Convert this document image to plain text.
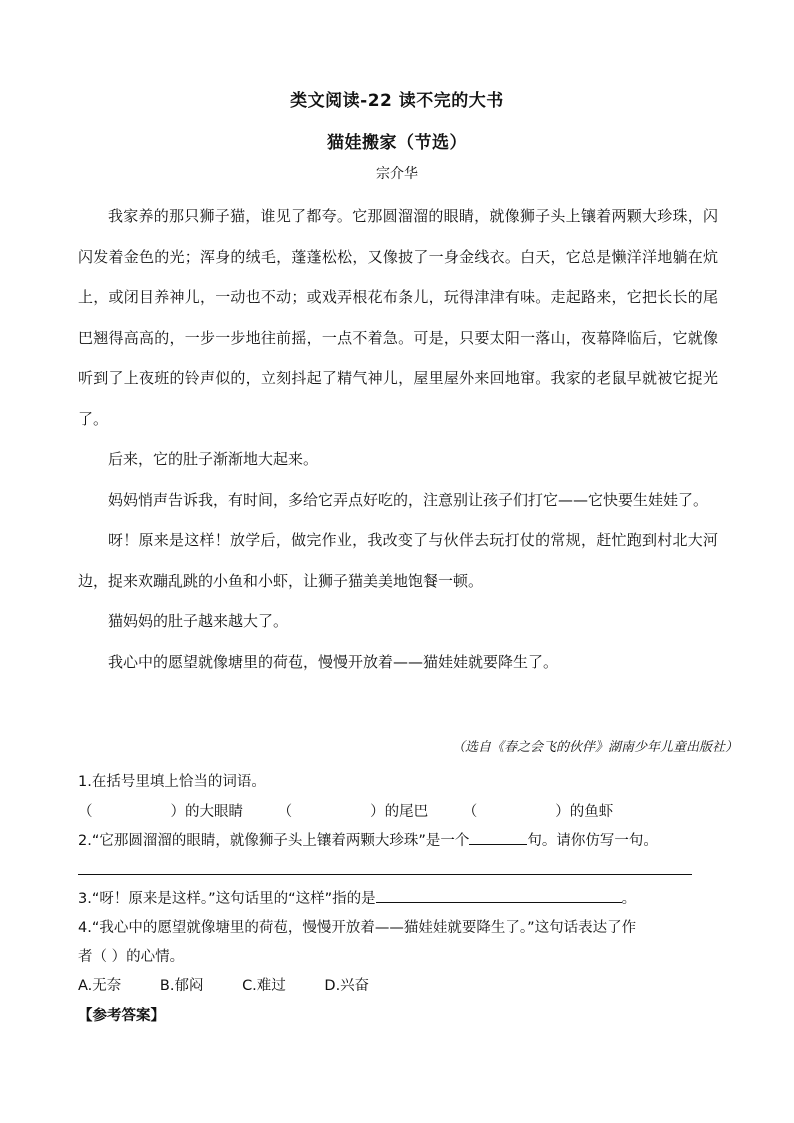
类文阅读-22 读不完的大书
猫娃搬家（节选）
宗介华

我家养的那只狮子猫，谁见了都夸。它那圆溜溜的眼睛，就像狮子头上镶着两颗大珍珠，闪闪发着金色的光；浑身的绒毛，蓬蓬松松，又像披了一身金线衣。白天，它总是懒洋洋地躺在炕上，或闭目养神儿，一动也不动；或戏弄根花布条儿，玩得津津有味。走起路来，它把长长的尾巴翘得高高的，一步一步地往前摇，一点不着急。可是，只要太阳一落山，夜幕降临后，它就像听到了上夜班的铃声似的，立刻抖起了精气神儿，屋里屋外来回地窜。我家的老鼠早就被它捉光了。

后来，它的肚子渐渐地大起来。

妈妈悄声告诉我，有时间，多给它弄点好吃的，注意别让孩子们打它——它快要生娃娃了。

呀！原来是这样！放学后，做完作业，我改变了与伙伴去玩打仗的常规，赶忙跑到村北大河边，捉来欢蹦乱跳的小鱼和小虾，让狮子猫美美地饱餐一顿。

猫妈妈的肚子越来越大了。

我心中的愿望就像塘里的荷苞，慢慢开放着——猫娃娃就要降生了。

（选自《春之会飞的伙伴》湖南少年儿童出版社）
1.在括号里填上恰当的词语。
（	）的大眼睛 （	）的尾巴 （	）的鱼虾
2.“它那圆溜溜的眼睛，就像狮子头上镶着两颗大珍珠”是一个	句。请你仿写一句。
3.“呀！原来是这样。”这句话里的“这样”指的是	。
4.“我心中的愿望就像塘里的荷苞，慢慢开放着——猫娃娃就要降生了。”这句话表达了作
者（ ）的心情。
A.无奈	B.郁闷	C.难过	D.兴奋
【参考答案】
